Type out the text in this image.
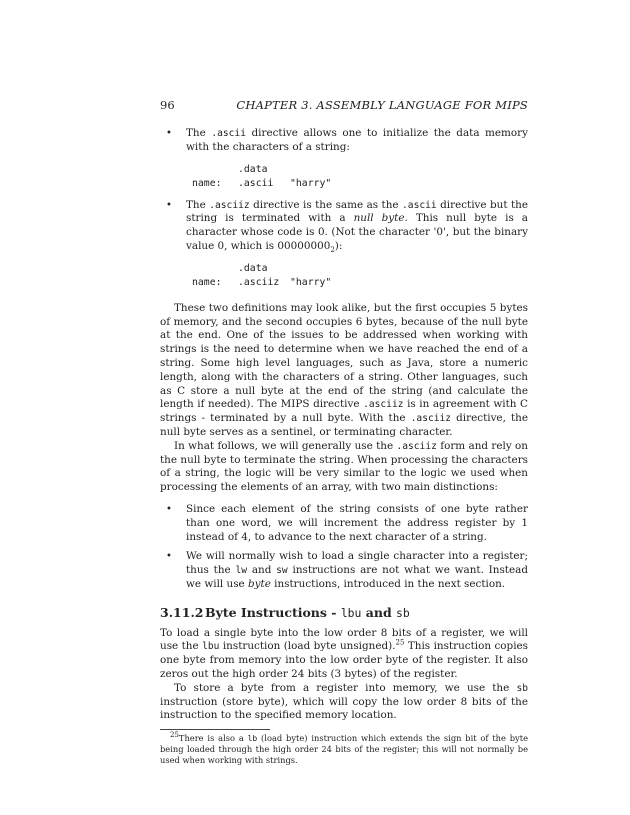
96	CHAPTER 3. ASSEMBLY LANGUAGE FOR MIPS
•	The .ascii directive allows one to initialize the data memory with the characters of a string:
.data
name:	.ascii	"harry"
•	The .asciiz directive is the same as the .ascii directive but the string is terminated with a null byte. This null byte is a character whose code is 0. (Not the character '0', but the binary value 0, which is $00000000_2$):
.data
name:	.asciiz	"harry"

These two definitions may look alike, but the first occupies 5 bytes of memory, and the second occupies 6 bytes, because of the null byte at the end. One of the issues to be addressed when working with strings is the need to determine when we have reached the end of a string. Some high level languages, such as Java, store a numeric length, along with the characters of a string. Other languages, such as C store a null byte at the end of the string (and calculate the length if needed). The MIPS directive .asciiz is in agreement with C strings - terminated by a null byte. With the .asciiz directive, the null byte serves as a sentinel, or terminating character.

In what follows, we will generally use the .asciiz form and rely on the null byte to terminate the string. When processing the characters of a string, the logic will be very similar to the logic we used when processing the elements of an array, with two main distinctions:

•	Since each element of the string consists of one byte rather than one word, we will increment the address register by 1 instead of 4, to advance to the next character of a string.
•	We will normally wish to load a single character into a register; thus the lw and sw instructions are not what we want. Instead we will use byte instructions, introduced in the next section.
3.11.2 Byte Instructions - lbu and sb

To load a single byte into the low order 8 bits of a register, we will use the lbu instruction (load byte unsigned).$^{25}$ This instruction copies one byte from memory into the low order byte of the register. It also zeros out the high order 24 bits (3 bytes) of the register.

To store a byte from a register into memory, we use the sb instruction (store byte), which will copy the low order 8 bits of the instruction to the specified memory location.

$^{25}$There is also a lb (load byte) instruction which extends the sign bit of the byte being loaded through the high order 24 bits of the register; this will not normally be used when working with strings.
